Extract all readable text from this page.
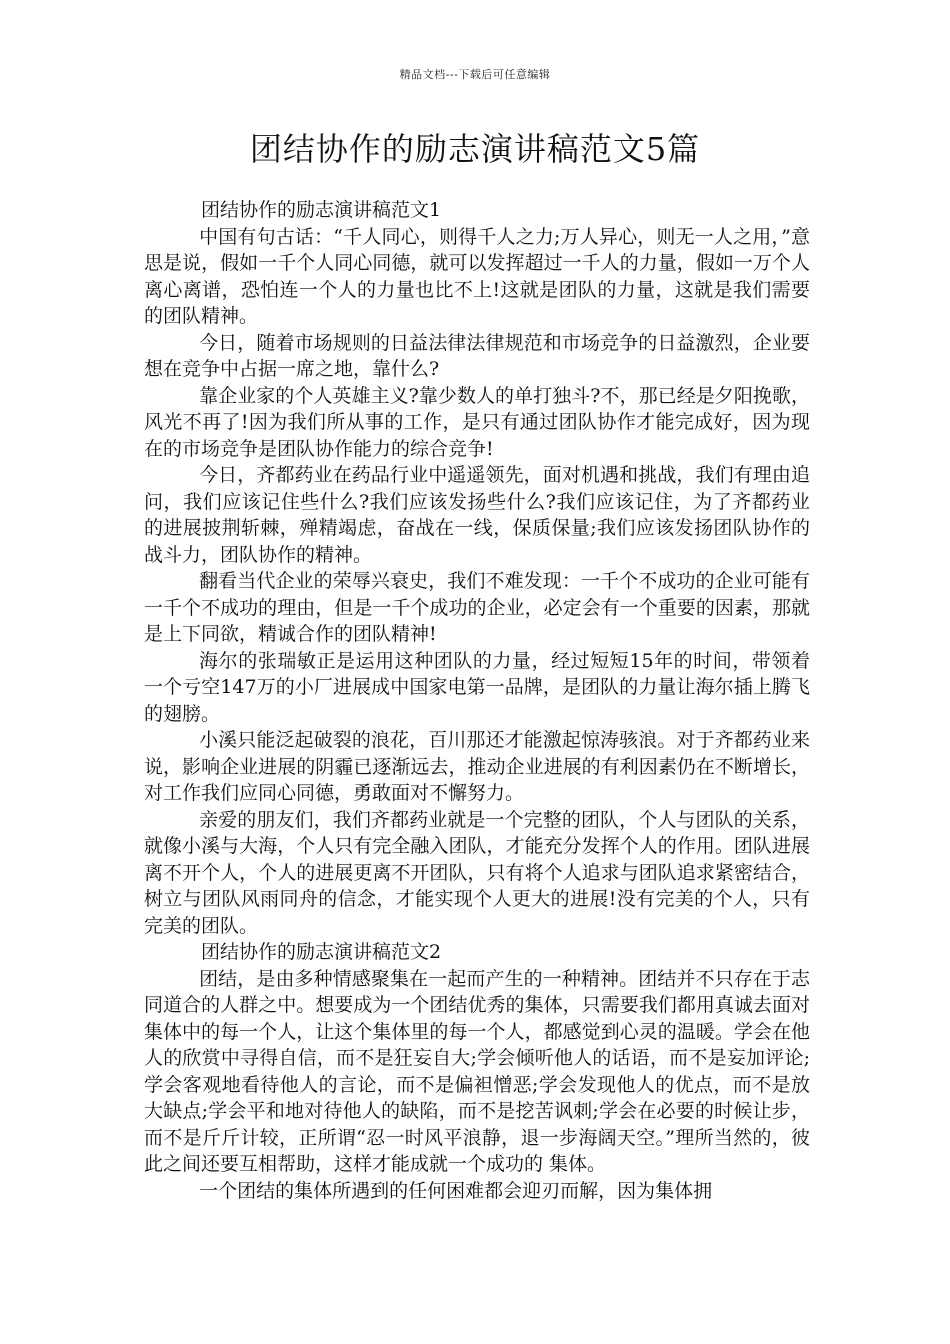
精品文档---下载后可任意编辑
团结协作的励志演讲稿范文5篇

团结协作的励志演讲稿范文1

中国有句古话：“千人同心，则得千人之力;万人异心，则无一人之用，”意思是说，假如一千个人同心同德，就可以发挥超过一千人的力量，假如一万个人离心离谱，恐怕连一个人的力量也比不上!这就是团队的力量，这就是我们需要的团队精神。

今日，随着市场规则的日益法律法律规范和市场竞争的日益激烈，企业要想在竞争中占据一席之地，靠什么?

靠企业家的个人英雄主义?靠少数人的单打独斗?不，那已经是夕阳挽歌，风光不再了!因为我们所从事的工作，是只有通过团队协作才能完成好，因为现在的市场竞争是团队协作能力的综合竞争!

今日，齐都药业在药品行业中遥遥领先，面对机遇和挑战，我们有理由追问，我们应该记住些什么?我们应该发扬些什么?我们应该记住，为了齐都药业的进展披荆斩棘，殚精竭虑，奋战在一线，保质保量;我们应该发扬团队协作的战斗力，团队协作的精神。

翻看当代企业的荣辱兴衰史，我们不难发现：一千个不成功的企业可能有一千个不成功的理由，但是一千个成功的企业，必定会有一个重要的因素，那就是上下同欲，精诚合作的团队精神!

海尔的张瑞敏正是运用这种团队的力量，经过短短15年的时间，带领着一个亏空147万的小厂进展成中国家电第一品牌，是团队的力量让海尔插上腾飞的翅膀。

小溪只能泛起破裂的浪花，百川那还才能激起惊涛骇浪。对于齐都药业来说，影响企业进展的阴霾已逐渐远去，推动企业进展的有利因素仍在不断增长，对工作我们应同心同德，勇敢面对不懈努力。

亲爱的朋友们，我们齐都药业就是一个完整的团队，个人与团队的关系，就像小溪与大海，个人只有完全融入团队，才能充分发挥个人的作用。团队进展离不开个人，个人的进展更离不开团队，只有将个人追求与团队追求紧密结合，树立与团队风雨同舟的信念，才能实现个人更大的进展!没有完美的个人，只有完美的团队。

团结协作的励志演讲稿范文2

团结，是由多种情感聚集在一起而产生的一种精神。团结并不只存在于志同道合的人群之中。想要成为一个团结优秀的集体，只需要我们都用真诚去面对集体中的每一个人，让这个集体里的每一个人，都感觉到心灵的温暖。学会在他人的欣赏中寻得自信，而不是狂妄自大;学会倾听他人的话语，而不是妄加评论;学会客观地看待他人的言论，而不是偏袒憎恶;学会发现他人的优点，而不是放大缺点;学会平和地对待他人的缺陷，而不是挖苦讽刺;学会在必要的时候让步，而不是斤斤计较，正所谓“忍一时风平浪静，退一步海阔天空。”理所当然的，彼此之间还要互相帮助，这样才能成就一个成功的 集体。

一个团结的集体所遇到的任何困难都会迎刃而解，因为集体拥
